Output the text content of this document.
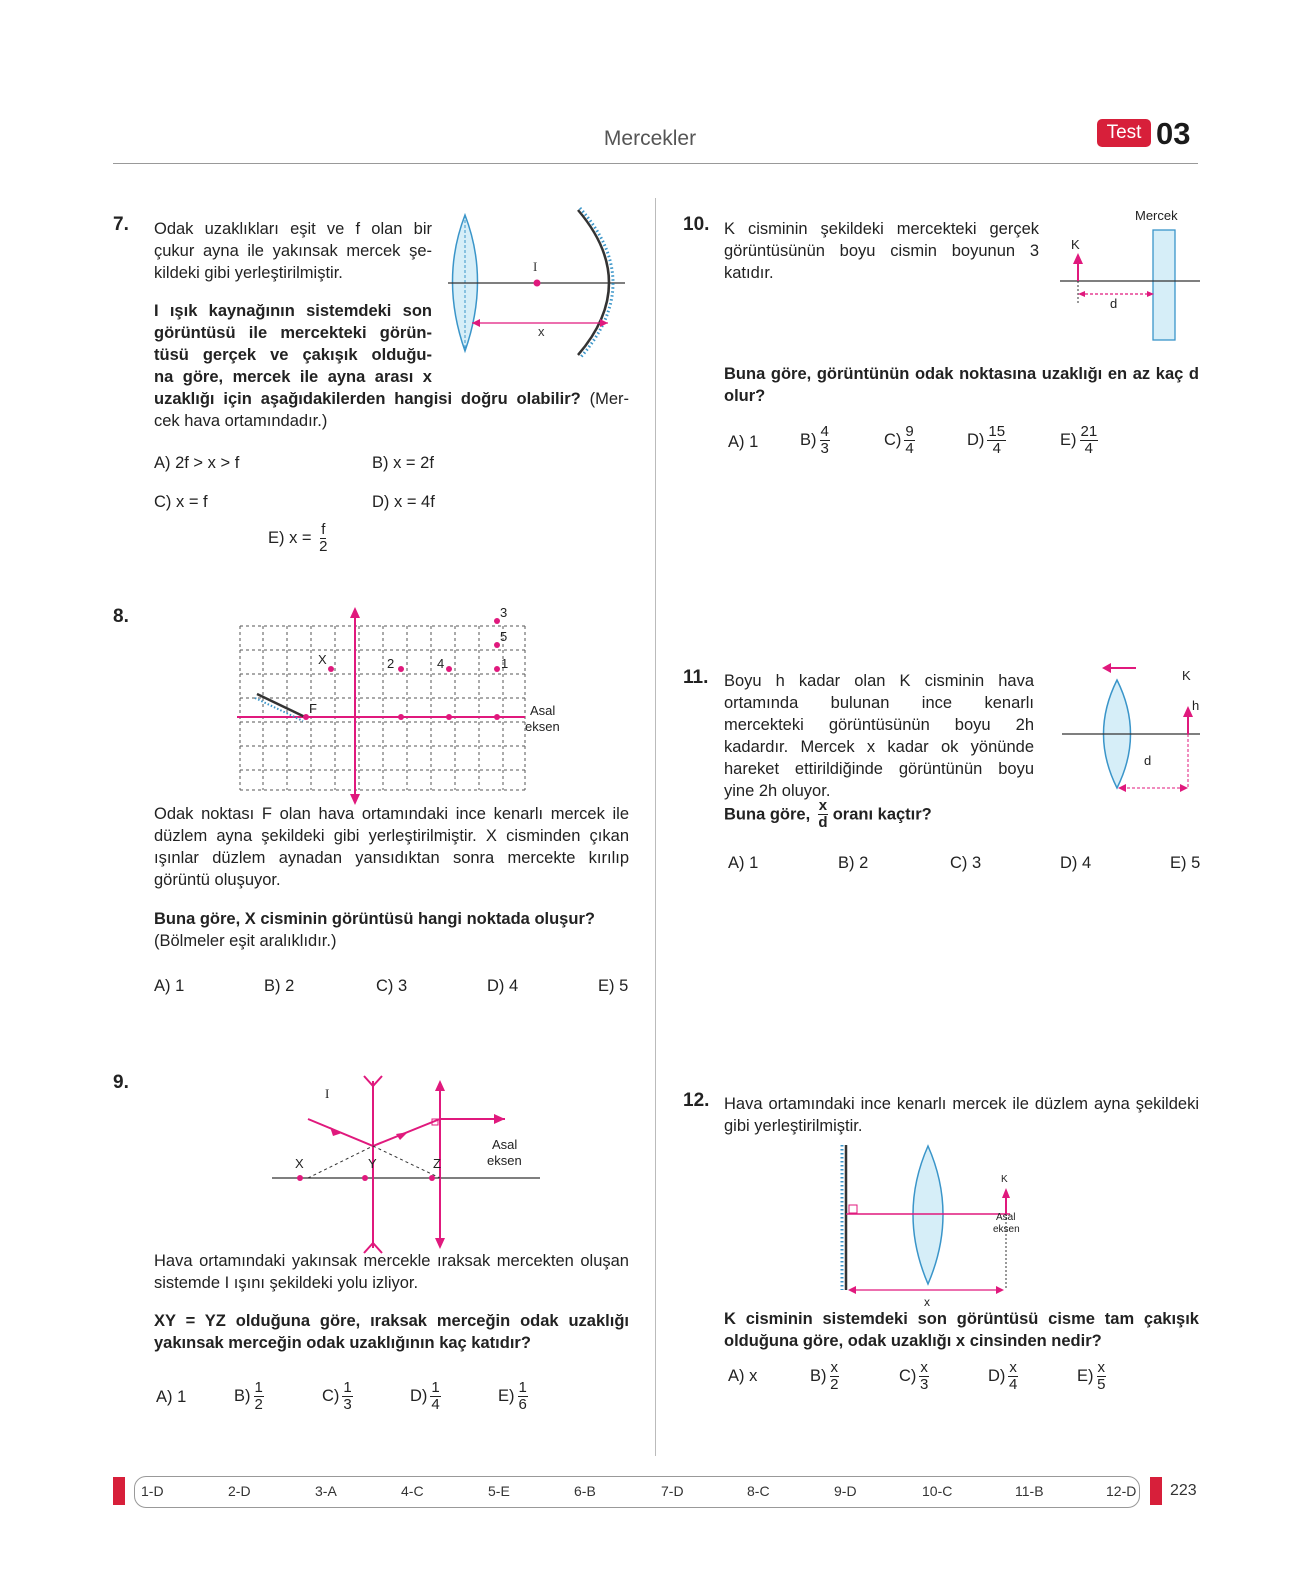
Mercekler	Test 03
7. Odak uzaklıkları eşit ve f olan bir
çukur ayna ile yakınsak mercek şe-
kildeki gibi yerleştirilmiştir.
I ışık kaynağının sistemdeki son
görüntüsü ile mercekteki görün-
tüsü gerçek ve çakışık olduğu-
na göre, mercek ile ayna arası x
uzaklığı için aşağıdakilerden hangisi doğru olabilir? (Mer-
cek hava ortamındadır.)
I
x
A) 2f > x > f	B) x = 2f
C) x = f	D) x = 4f
E) $x = \frac{f}{2}$
8.
X
F
1
2
3
4
5
Asal
eksen
Odak noktası F olan hava ortamındaki ince kenarlı mercek ile düzlem ayna şekildeki gibi yerleştirilmiştir. X cisminden çıkan ışınlar düzlem aynadan yansıdıktan sonra mercekte kırılıp görüntü oluşuyor.
Buna göre, X cisminin görüntüsü hangi noktada oluşur?
(Bölmeler eşit aralıklıdır.)
A) 1	B) 2	C) 3	D) 4	E) 5
9.
I
X	Y	Z
Asal
eksen
Hava ortamındaki yakınsak mercekle ıraksak mercekten oluşan sistemde I ışını şekildeki yolu izliyor.
XY = YZ olduğuna göre, ıraksak merceğin odak uzaklığı yakınsak merceğin odak uzaklığının kaç katıdır?
A) 1	$B) \frac{1}{2}$	$C) \frac{1}{3}$	$D) \frac{1}{4}$	$E) \frac{1}{6}$
10. K cisminin şekildeki mercekteki gerçek görüntüsünün boyu cismin boyunun 3 katıdır.
Mercek
K
d
Buna göre, görüntünün odak noktasına uzaklığı en az kaç d olur?
A) 1	$B) \frac{4}{3}$	$C) \frac{9}{4}$	$D) \frac{15}{4}$	$E) \frac{21}{4}$
11. Boyu h kadar olan K cisminin hava ortamında bulunan ince kenarlı mercekteki görüntüsünün boyu 2h kadardır. Mercek x kadar ok yönünde hareket ettirildiğinde görüntünün boyu yine 2h oluyor.
K
h
d
Buna göre, $\frac{x}{d}$ oranı kaçtır?
A) 1	B) 2	C) 3	D) 4	E) 5
12. Hava ortamındaki ince kenarlı mercek ile düzlem ayna şekildeki gibi yerleştirilmiştir.
K
Asal
eksen
x
K cisminin sistemdeki son görüntüsü cisme tam çakışık olduğuna göre, odak uzaklığı x cinsinden nedir?
A) x	$B) \frac{x}{2}$	$C) \frac{x}{3}$	$D) \frac{x}{4}$	$E) \frac{x}{5}$
1-D	2-D	3-A	4-C	5-E	6-B	7-D	8-C	9-D	10-C	11-B	12-D 223
